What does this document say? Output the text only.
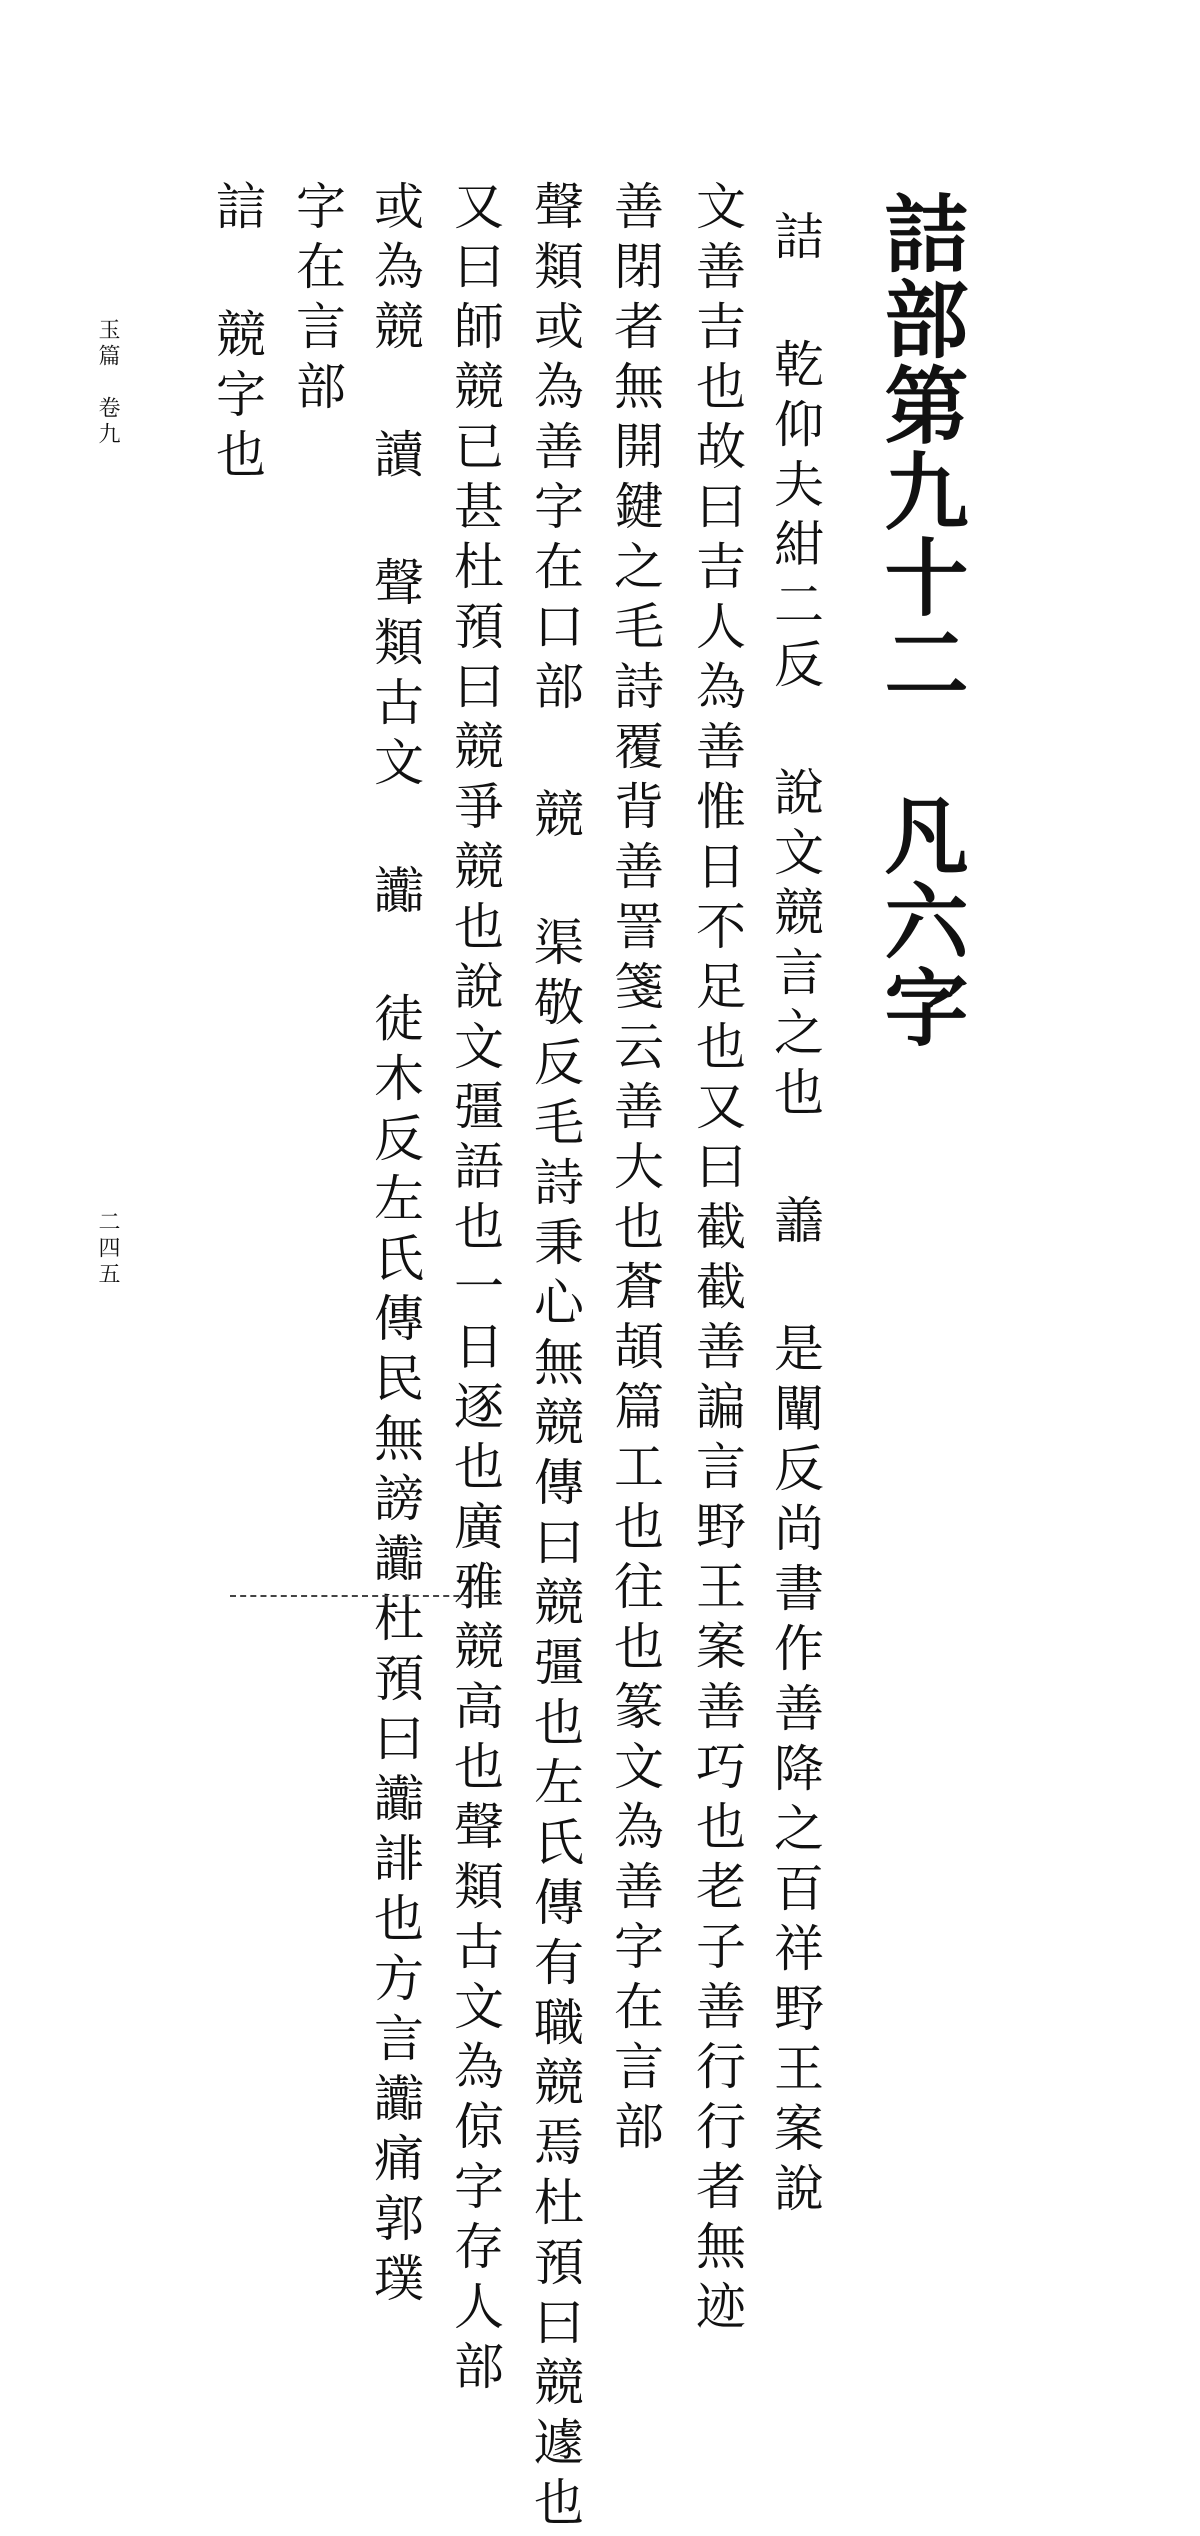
詰部第九十二　凡六字
詰 乾仰夫紺二反 說文競言之也 譱 是闡反尚書作善降之百祥野王案說
文善吉也故曰吉人為善惟日不足也又曰截截善諞言野王案善巧也老子善行行者無迹
善閉者無開鍵之毛詩覆背善詈箋云善大也蒼頡篇工也往也篆文為善字在言部
聲類或為善字在口部 競 渠敬反毛詩秉心無競傳曰競彊也左氏傳有職競焉杜預曰競遽也
又曰師競已甚杜預曰競爭競也說文彊語也一日逐也廣雅競高也聲類古文為倞字存人部
或為競 讀 聲類古文 讟 徒木反左氏傳民無謗讟杜預曰讟誹也方言讟痛郭璞
字在言部
誩 競字也
玉篇　卷九
二四五
